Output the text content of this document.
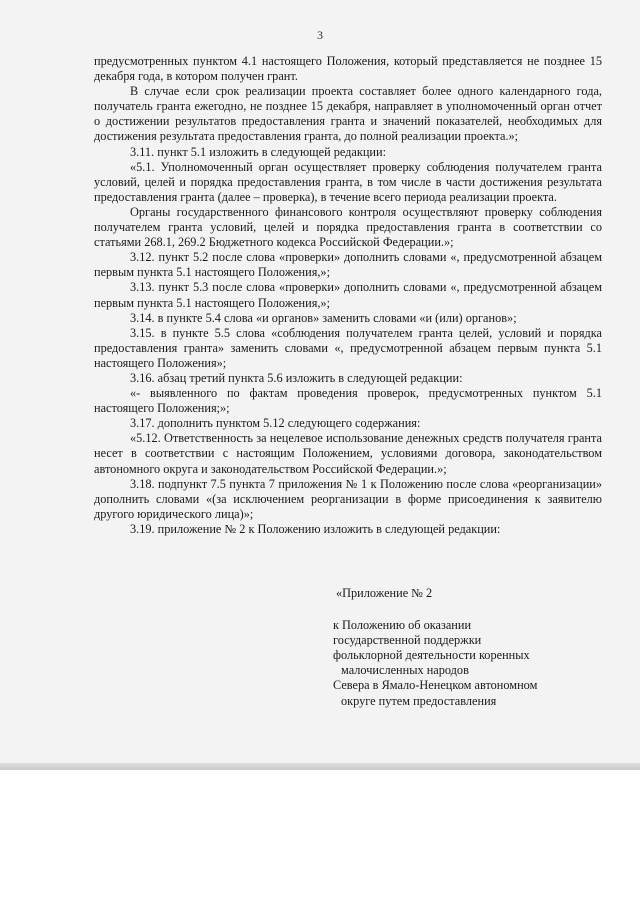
3

предусмотренных пунктом 4.1 настоящего Положения, который представляется не позднее 15 декабря года, в котором получен грант.

В случае если срок реализации проекта составляет более одного календарного года, получатель гранта ежегодно, не позднее 15 декабря, направляет в уполномоченный орган отчет о достижении результатов предоставления гранта и значений показателей, необходимых для достижения результата предоставления гранта, до полной реализации проекта.»;

3.11. пункт 5.1 изложить в следующей редакции:

«5.1. Уполномоченный орган осуществляет проверку соблюдения получателем гранта условий, целей и порядка предоставления гранта, в том числе в части достижения результата предоставления гранта (далее – проверка), в течение всего периода реализации проекта.

Органы государственного финансового контроля осуществляют проверку соблюдения получателем гранта условий, целей и порядка предоставления гранта в соответствии со статьями 268.1, 269.2 Бюджетного кодекса Российской Федерации.»;

3.12. пункт 5.2 после слова «проверки» дополнить словами «, предусмотренной абзацем первым пункта 5.1 настоящего Положения,»;

3.13. пункт 5.3 после слова «проверки» дополнить словами «, предусмотренной абзацем первым пункта 5.1 настоящего Положения,»;

3.14. в пункте 5.4 слова «и органов» заменить словами «и (или) органов»;

3.15. в пункте 5.5 слова «соблюдения получателем гранта целей, условий и порядка предоставления гранта» заменить словами «, предусмотренной абзацем первым пункта 5.1 настоящего Положения»;

3.16. абзац третий пункта 5.6 изложить в следующей редакции:

«- выявленного по фактам проведения проверок, предусмотренных пунктом 5.1 настоящего Положения;»;

3.17. дополнить пунктом 5.12 следующего содержания:

«5.12. Ответственность за нецелевое использование денежных средств получателя гранта несет в соответствии с настоящим Положением, условиями договора, законодательством автономного округа и законодательством Российской Федерации.»;

3.18. подпункт 7.5 пункта 7 приложения № 1 к Положению после слова «реорганизации» дополнить словами «(за исключением реорганизации в форме присоединения к заявителю другого юридического лица)»;

3.19. приложение № 2 к Положению изложить в следующей редакции:

«Приложение № 2
к Положению об оказании
государственной поддержки
фольклорной деятельности коренных
малочисленных народов
Севера в Ямало-Ненецком автономном
округе путем предоставления
